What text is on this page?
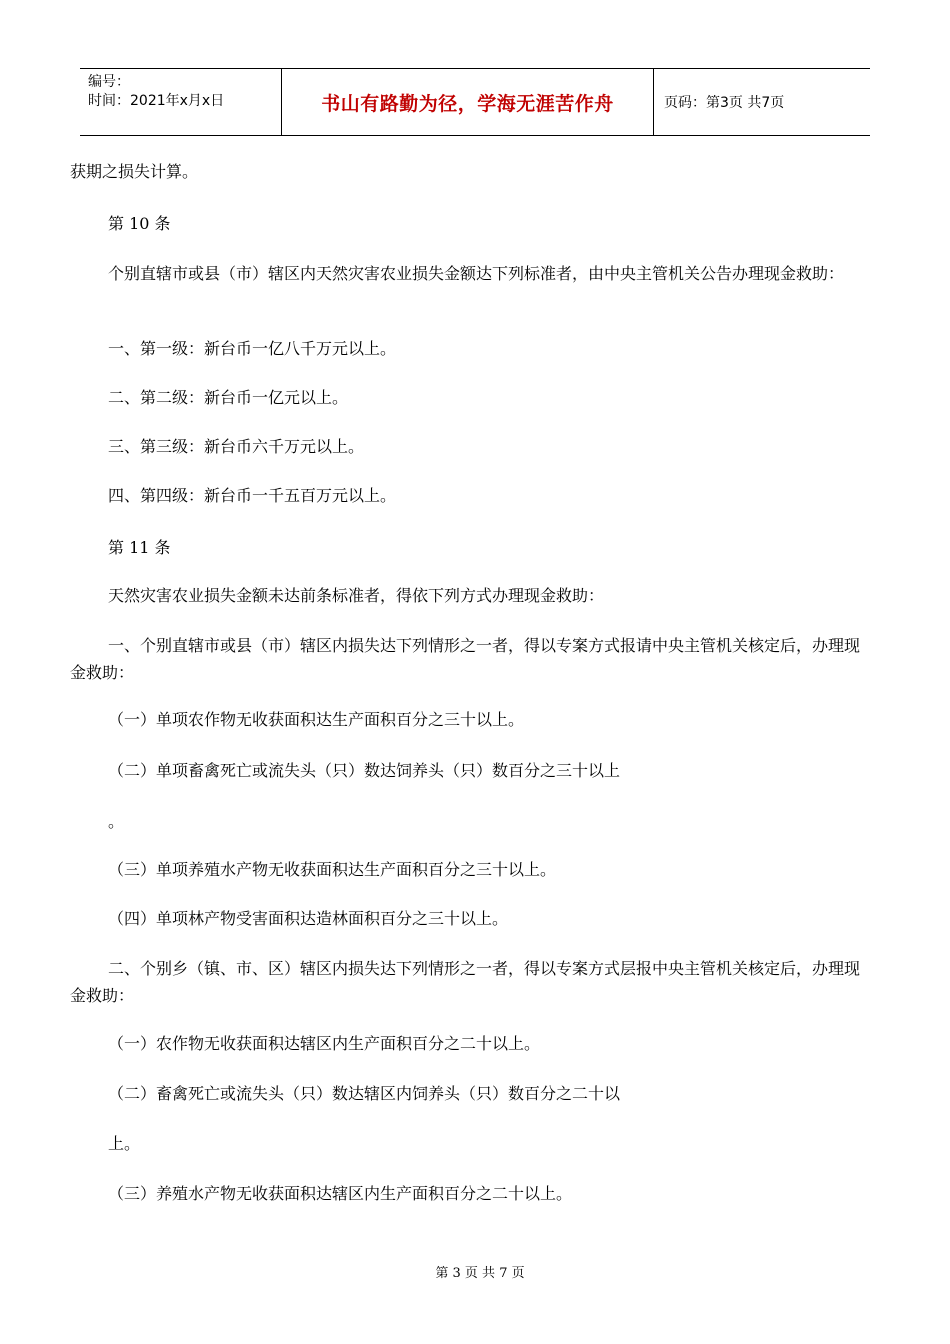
编号：
时间：2021年x月x日	书山有路勤为径，学海无涯苦作舟	页码：第3页 共7页

获期之损失计算。

第 10 条

个别直辖市或县（市）辖区内天然灾害农业损失金额达下列标准者，由中央主管机关公告办理现金救助：

一、第一级：新台币一亿八千万元以上。

二、第二级：新台币一亿元以上。

三、第三级：新台币六千万元以上。

四、第四级：新台币一千五百万元以上。

第 11 条

天然灾害农业损失金额未达前条标准者，得依下列方式办理现金救助：

一、个别直辖市或县（市）辖区内损失达下列情形之一者，得以专案方式报请中央主管机关核定后，办理现金救助：

（一）单项农作物无收获面积达生产面积百分之三十以上。

（二）单项畜禽死亡或流失头（只）数达饲养头（只）数百分之三十以上

。

（三）单项养殖水产物无收获面积达生产面积百分之三十以上。

（四）单项林产物受害面积达造林面积百分之三十以上。

二、个别乡（镇、市、区）辖区内损失达下列情形之一者，得以专案方式层报中央主管机关核定后，办理现金救助：

（一）农作物无收获面积达辖区内生产面积百分之二十以上。

（二）畜禽死亡或流失头（只）数达辖区内饲养头（只）数百分之二十以

上。

（三）养殖水产物无收获面积达辖区内生产面积百分之二十以上。

第 3 页 共 7 页
